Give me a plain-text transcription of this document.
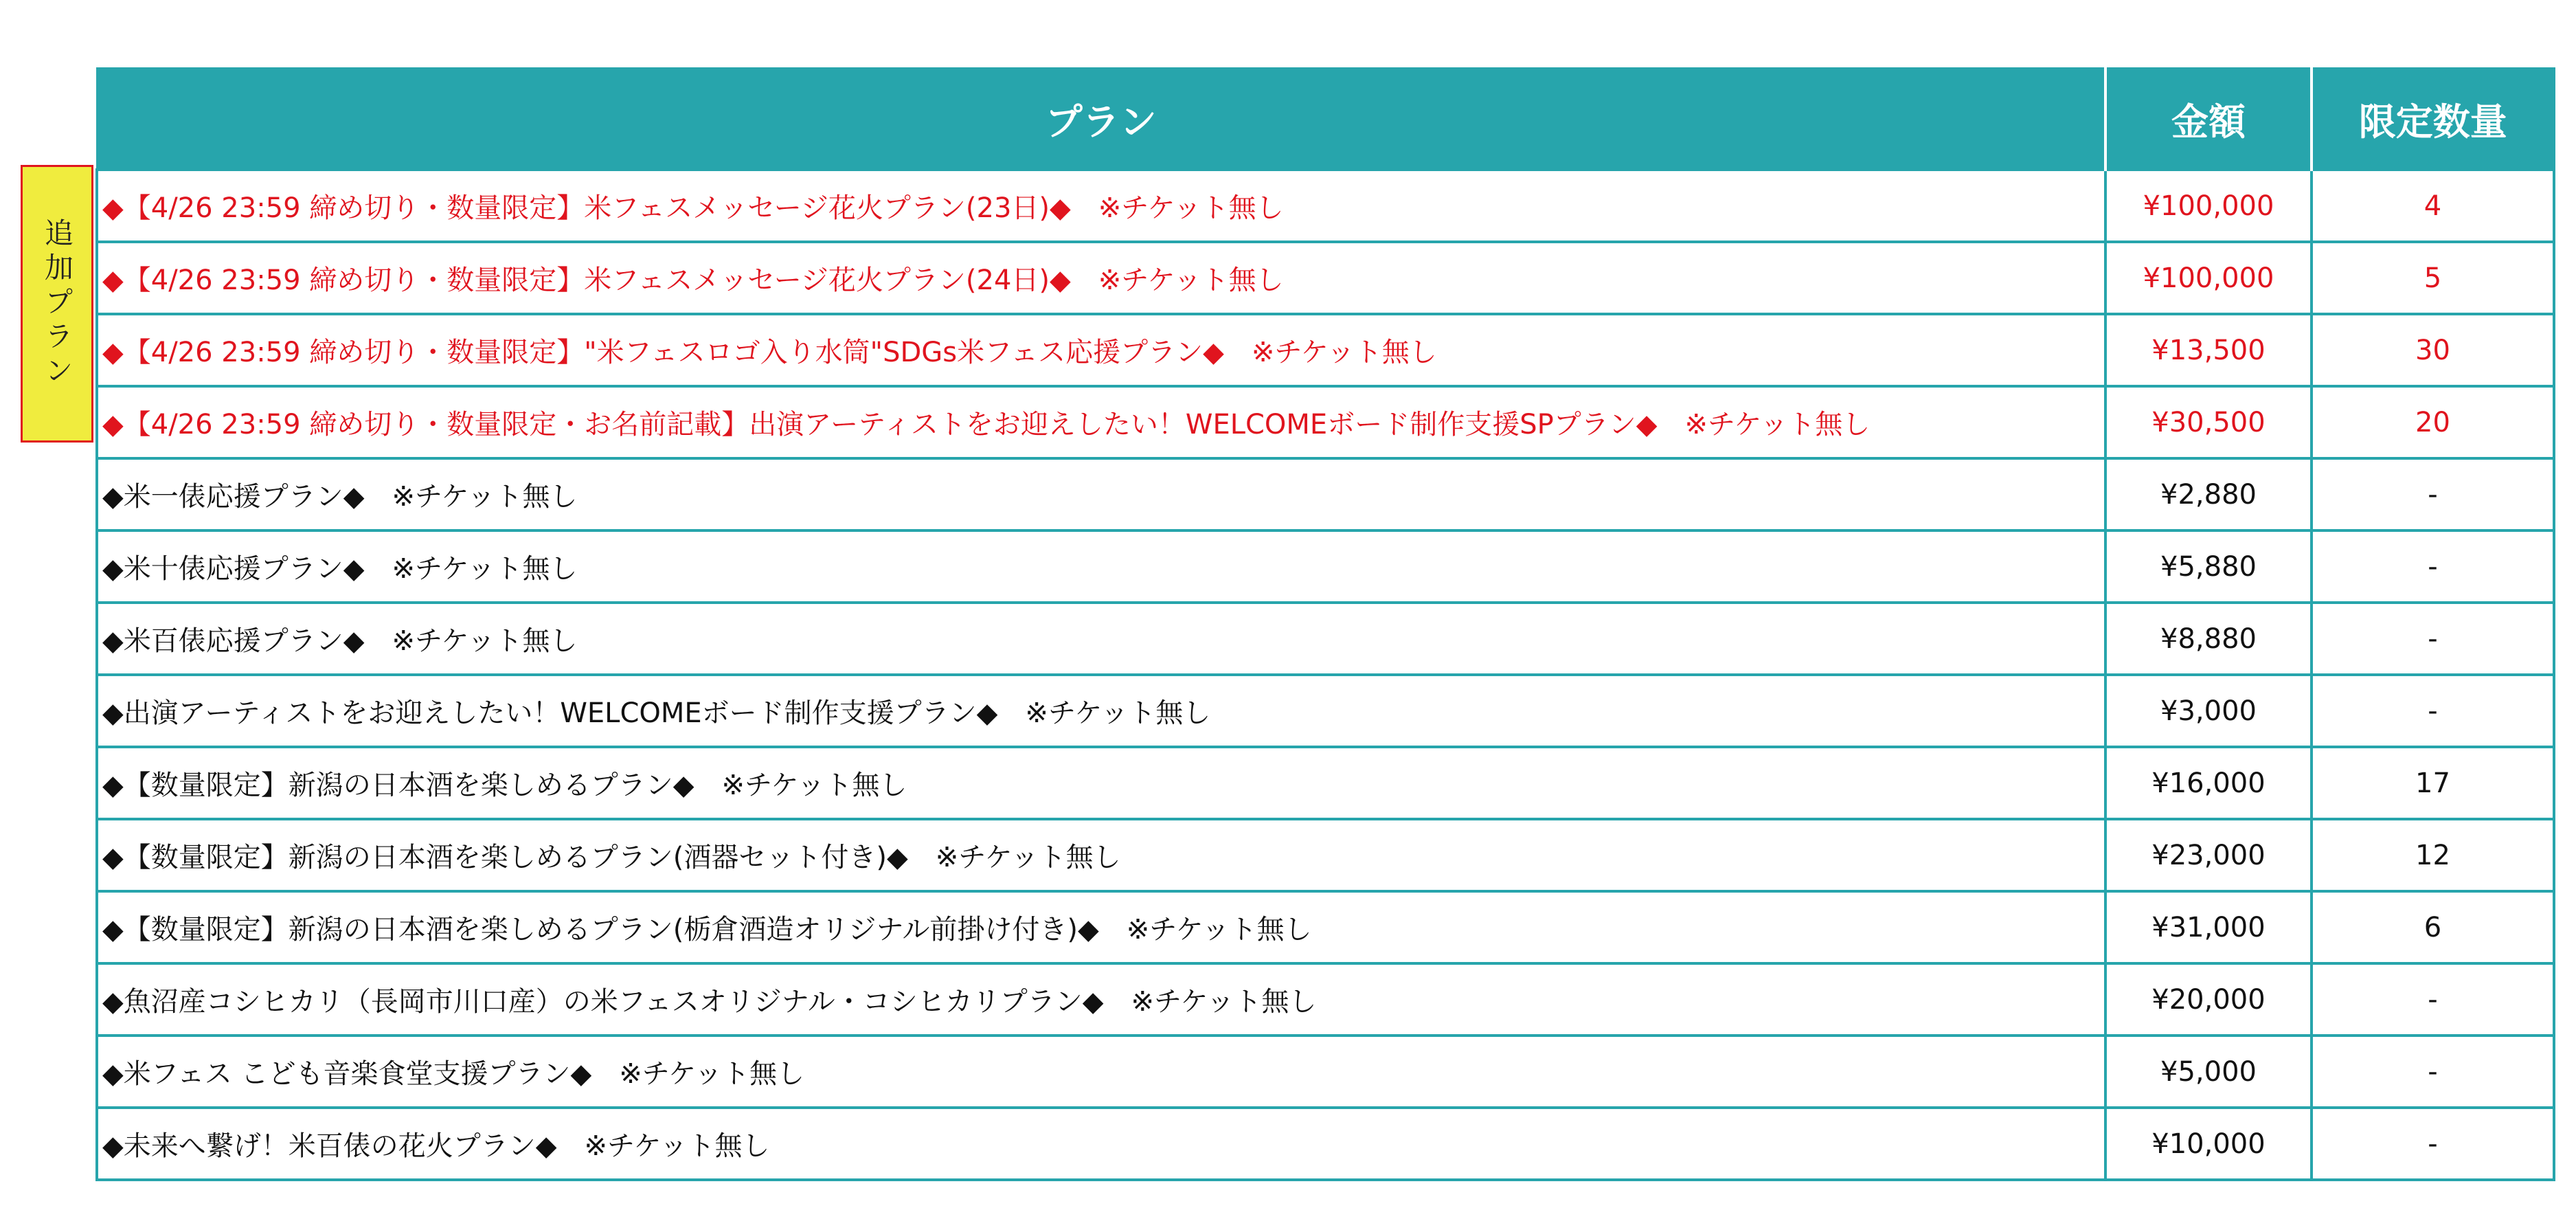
追加プラン
プラン	金額	限定数量
◆【4/26 23:59 締め切り・数量限定】米フェスメッセージ花火プラン(23日)◆　※チケット無し	¥100,000	4
◆【4/26 23:59 締め切り・数量限定】米フェスメッセージ花火プラン(24日)◆　※チケット無し	¥100,000	5
◆【4/26 23:59 締め切り・数量限定】"米フェスロゴ入り水筒"SDGs米フェス応援プラン◆　※チケット無し	¥13,500	30
◆【4/26 23:59 締め切り・数量限定・お名前記載】出演アーティストをお迎えしたい！WELCOMEボード制作支援SPプラン◆　※チケット無し	¥30,500	20
◆米一俵応援プラン◆　※チケット無し	¥2,880	-
◆米十俵応援プラン◆　※チケット無し	¥5,880	-
◆米百俵応援プラン◆　※チケット無し	¥8,880	-
◆出演アーティストをお迎えしたい！WELCOMEボード制作支援プラン◆　※チケット無し	¥3,000	-
◆【数量限定】新潟の日本酒を楽しめるプラン◆　※チケット無し	¥16,000	17
◆【数量限定】新潟の日本酒を楽しめるプラン(酒器セット付き)◆　※チケット無し	¥23,000	12
◆【数量限定】新潟の日本酒を楽しめるプラン(栃倉酒造オリジナル前掛け付き)◆　※チケット無し	¥31,000	6
◆魚沼産コシヒカリ（長岡市川口産）の米フェスオリジナル・コシヒカリプラン◆　※チケット無し	¥20,000	-
◆米フェス こども音楽食堂支援プラン◆　※チケット無し	¥5,000	-
◆未来へ繋げ！米百俵の花火プラン◆　※チケット無し	¥10,000	-
